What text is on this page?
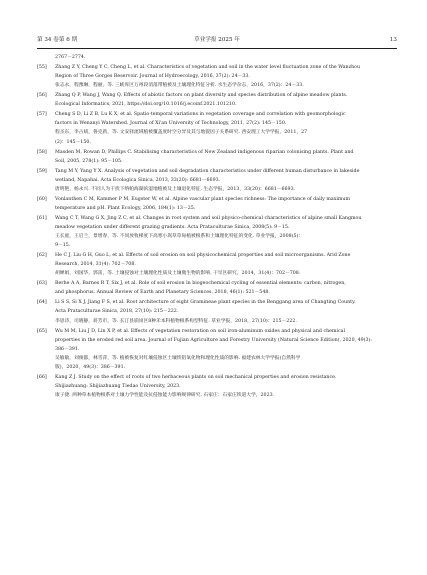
第 34 卷第 6 期	草业学报 2025 年	13
2767－2774.
[55]	Zhang Z Y, Cheng Y C, Cheng L, et al. Characteristics of vegetation and soil in the water level fluctuation zone of the Wanzhou
Region of Three Gorges Reservoir. Journal of Hydroecology, 2016, 37(2): 24－33.
张志永，程豫琳，程丽，等. 三峡库区万州段消落带植被及土壤理化特征分析. 水生态学杂志，2016，37(2)：24－33.
[56]	Zhang Q P, Wang J, Wang Q. Effects of abiotic factors on plant diversity and species distribution of alpine meadow plants.
Ecological Informatics, 2021, https://doi.org/10.1016/j.ecoinf.2021.101210.
[57]	Cheng S D, Li Z B, Lu K X, et al. Spatio-temporal variations in vegetation coverage and correlation with geomorphologic
factors in Wenanyi Watershed. Journal of Xi'an University of Technology, 2011, 27(2): 145－150.
程圣东，李占斌，鲁克新，等. 文安驿流域植被覆盖度时空分异及其与地貌因子关系研究. 西安理工大学学报，2011，27
(2)：145－150.
[58]	Masden M, Rowan D, Phillips C. Stabilising characteristics of New Zealand indigenous riparian colonising plants. Plant and
Soil, 2005, 278(1): 95－105.
[59]	Tang M Y, Yang Y X. Analysis of vegetation and soil degradation characteristics under different human disturbance in lakeside
wetland, Napahai. Acta Ecologica Sinica, 2013, 33(20): 6681－6693.
唐明艳，杨永兴. 不同人为干扰下纳帕海湖滨湿地植被及土壤退化特征. 生态学报，2013，33(20)：6681－6693.
[60]	Vonlanthen C M, Kammer P M, Eugster W, et al. Alpine vascular plant species richness: The importance of daily maximum
temperature and pH. Plant Ecology, 2006, 184(1): 13－25.
[61]	Wang C T, Wang G X, Jing Z C, et al. Changes in root system and soil physico-chemical characteristics of alpine small Kangmou
meadow vegetation under different grazing gradients. Acta Prataculturae Sinica, 2008(5): 9－15.
王长庭，王启兰，景增春，等. 不同放牧梯度下高寒小嵩草草甸植被根系和土壤理化特征的变化. 草业学报，2008(5)：
9－15.
[62]	He C J, Liu G H, Guo L, et al. Effects of soil erosion on soil physicochemical properties and soil microorganisms. Arid Zone
Research, 2014, 31(4): 702－708.
胡婵娟，刘国华，郭雷，等. 土壤侵蚀对土壤理化性质及土壤微生物的影响. 干旱区研究，2014，31(4)：702－708.
[63]	Berhe A A, Barnes R T, Six J, et al. Role of soil erosion in biogeochemical cycling of essential elements: carbon, nitrogen,
and phosphorus. Annual Review of Earth and Planetary Sciences, 2018, 46(1): 521－548.
[64]	Li S S, Si X J, Jiang F S, et al. Root architecture of eight Gramineae plant species in the Benggang area of Changting County.
Acta Prataculturae Sinica, 2018, 27(10): 215－222.
李思诗，司晓静，蒋芳市，等. 长汀县崩岗区8种禾本科植物根系构型特征. 草业学报，2018，27(10)：215－222.
[65]	Wu M M, Liu J D, Lin X P, et al. Effects of vegetation restoration on soil iron-aluminum oxides and physical and chemical
properties in the eroded red soil area. Journal of Fujian Agriculture and Forestry University (Natural Science Edition), 2020, 49(3):
386－391.
吴敏敏，刘俊都，林雪萍，等. 植被恢复对红壤侵蚀区土壤铁铝氧化物和理化性质的影响. 福建农林大学学报(自然科学
版)，2020，49(3)：386－391.
[66]	Kang Z J. Study on the effect of roots of two herbaceous plants on soil mechanical properties and erosion resistance.
Shijiazhuang: Shijiazhuang Tiedao University, 2023.
康子捷. 两种草本植物根系对土壤力学性能及抗侵蚀能力影响规律研究. 石家庄：石家庄铁道大学，2023.
